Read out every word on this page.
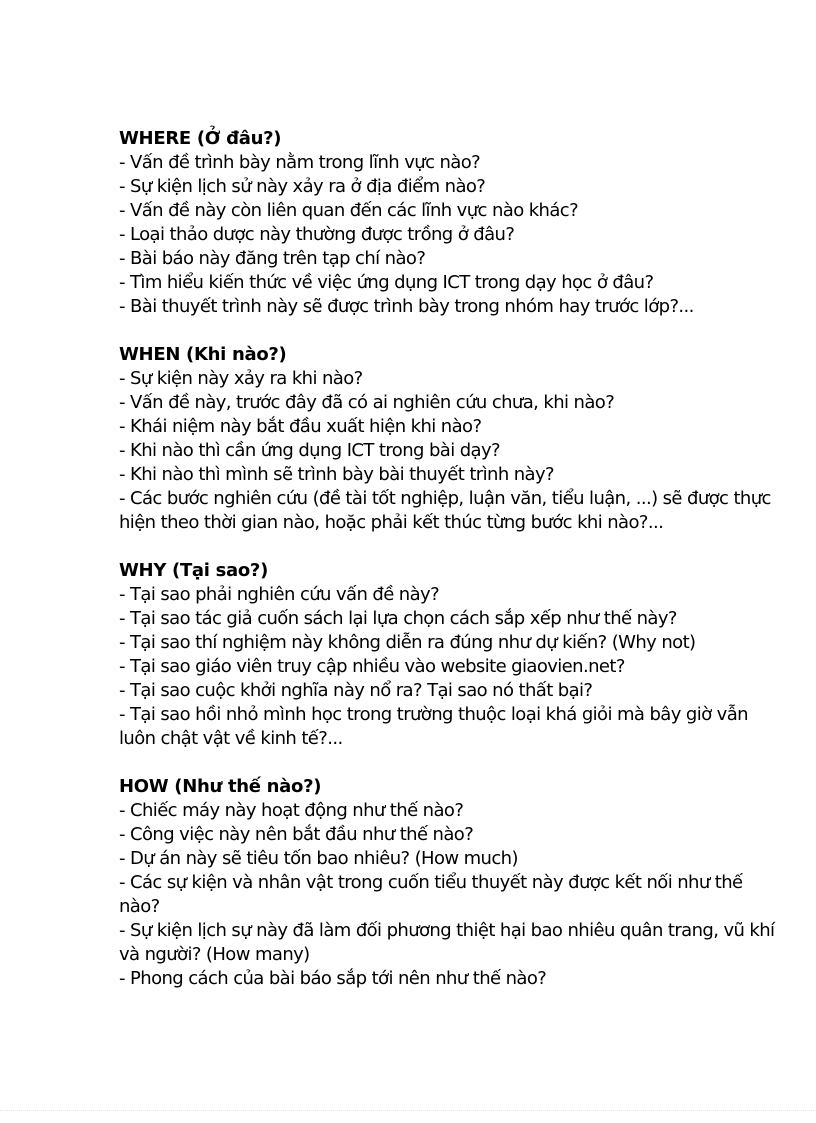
WHERE (Ở đâu?)

- Vấn đề trình bày nằm trong lĩnh vực nào?

- Sự kiện lịch sử này xảy ra ở địa điểm nào?

- Vấn đề này còn liên quan đến các lĩnh vực nào khác?

- Loại thảo dược này thường được trồng ở đâu?

- Bài báo này đăng trên tạp chí nào?

- Tìm hiểu kiến thức về việc ứng dụng ICT trong dạy học ở đâu?

- Bài thuyết trình này sẽ được trình bày trong nhóm hay trước lớp?...

WHEN (Khi nào?)

- Sự kiện này xảy ra khi nào?

- Vấn đề này, trước đây đã có ai nghiên cứu chưa, khi nào?

- Khái niệm này bắt đầu xuất hiện khi nào?

- Khi nào thì cần ứng dụng ICT trong bài dạy?

- Khi nào thì mình sẽ trình bày bài thuyết trình này?

- Các bước nghiên cứu (đề tài tốt nghiệp, luận văn, tiểu luận, ...) sẽ được thực hiện theo thời gian nào, hoặc phải kết thúc từng bước khi nào?...

WHY (Tại sao?)

- Tại sao phải nghiên cứu vấn đề này?

- Tại sao tác giả cuốn sách lại lựa chọn cách sắp xếp như thế này?

- Tại sao thí nghiệm này không diễn ra đúng như dự kiến? (Why not)

- Tại sao giáo viên truy cập nhiều vào website giaovien.net?

- Tại sao cuộc khởi nghĩa này nổ ra? Tại sao nó thất bại?

- Tại sao hồi nhỏ mình học trong trường thuộc loại khá giỏi mà bây giờ vẫn luôn chật vật về kinh tế?...

HOW (Như thế nào?)

- Chiếc máy này hoạt động như thế nào?

- Công việc này nên bắt đầu như thế nào?

- Dự án này sẽ tiêu tốn bao nhiêu? (How much)

- Các sự kiện và nhân vật trong cuốn tiểu thuyết này được kết nối như thế nào?

- Sự kiện lịch sự này đã làm đối phương thiệt hại bao nhiêu quân trang, vũ khí và người? (How many)

- Phong cách của bài báo sắp tới nên như thế nào?
